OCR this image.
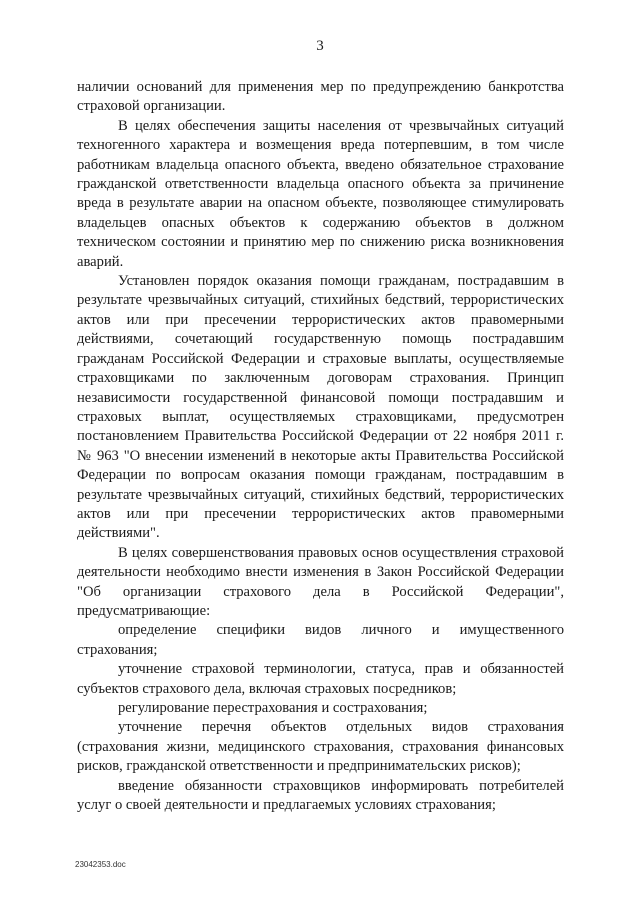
3

наличии оснований для применения мер по предупреждению банкротства страховой организации.

В целях обеспечения защиты населения от чрезвычайных ситуаций техногенного характера и возмещения вреда потерпевшим, в том числе работникам владельца опасного объекта, введено обязательное страхование гражданской ответственности владельца опасного объекта за причинение вреда в результате аварии на опасном объекте, позволяющее стимулировать владельцев опасных объектов к содержанию объектов в должном техническом состоянии и принятию мер по снижению риска возникновения аварий.

Установлен порядок оказания помощи гражданам, пострадавшим в результате чрезвычайных ситуаций, стихийных бедствий, террористических актов или при пресечении террористических актов правомерными действиями, сочетающий государственную помощь пострадавшим гражданам Российской Федерации и страховые выплаты, осуществляемые страховщиками по заключенным договорам страхования. Принцип независимости государственной финансовой помощи пострадавшим и страховых выплат, осуществляемых страховщиками, предусмотрен постановлением Правительства Российской Федерации от 22 ноября 2011 г. № 963 "О внесении изменений в некоторые акты Правительства Российской Федерации по вопросам оказания помощи гражданам, пострадавшим в результате чрезвычайных ситуаций, стихийных бедствий, террористических актов или при пресечении террористических актов правомерными действиями".

В целях совершенствования правовых основ осуществления страховой деятельности необходимо внести изменения в Закон Российской Федерации "Об организации страхового дела в Российской Федерации", предусматривающие:

определение специфики видов личного и имущественного страхования;

уточнение страховой терминологии, статуса, прав и обязанностей субъектов страхового дела, включая страховых посредников;

регулирование перестрахования и сострахования;

уточнение перечня объектов отдельных видов страхования (страхования жизни, медицинского страхования, страхования финансовых рисков, гражданской ответственности и предпринимательских рисков);

введение обязанности страховщиков информировать потребителей услуг о своей деятельности и предлагаемых условиях страхования;

23042353.doc
